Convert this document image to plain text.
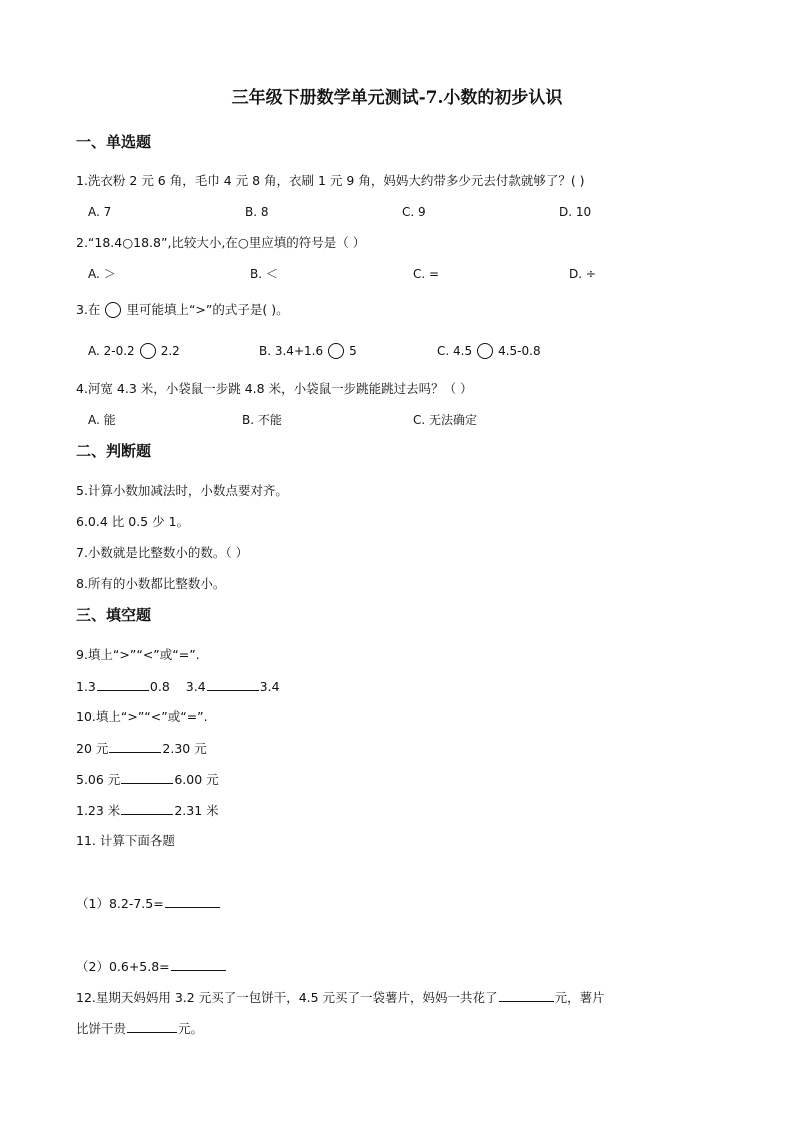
三年级下册数学单元测试-7.小数的初步认识
一、单选题
1.洗衣粉 2 元 6 角，毛巾 4 元 8 角，衣刷 1 元 9 角，妈妈大约带多少元去付款就够了？( )
A. 7	B. 8	C. 9	D. 10
2.“18.4○18.8”,比较大小,在○里应填的符号是（ ）
A. ＞	B. ＜	C. =	D. ÷
3.在 里可能填上“>”的式子是( )。
A. 2-0.2 2.2	B. 3.4+1.6 5	C. 4.5 4.5-0.8
4.河宽 4.3 米，小袋鼠一步跳 4.8 米，小袋鼠一步跳能跳过去吗？（ ）
A. 能	B. 不能	C. 无法确定
二、判断题
5.计算小数加减法时，小数点要对齐。
6.0.4 比 0.5 少 1。
7.小数就是比整数小的数。（ ）
8.所有的小数都比整数小。
三、填空题
9.填上“>”“<”或“=”.
1.3	0.8 3.4	3.4
10.填上“>”“<”或“=”.
20 元	2.30 元
5.06 元	6.00 元
1.23 米	2.31 米
11. 计算下面各题
（1）8.2-7.5=
（2）0.6+5.8=
12.星期天妈妈用 3.2 元买了一包饼干，4.5 元买了一袋薯片，妈妈一共花了	元，薯片
比饼干贵	元。
